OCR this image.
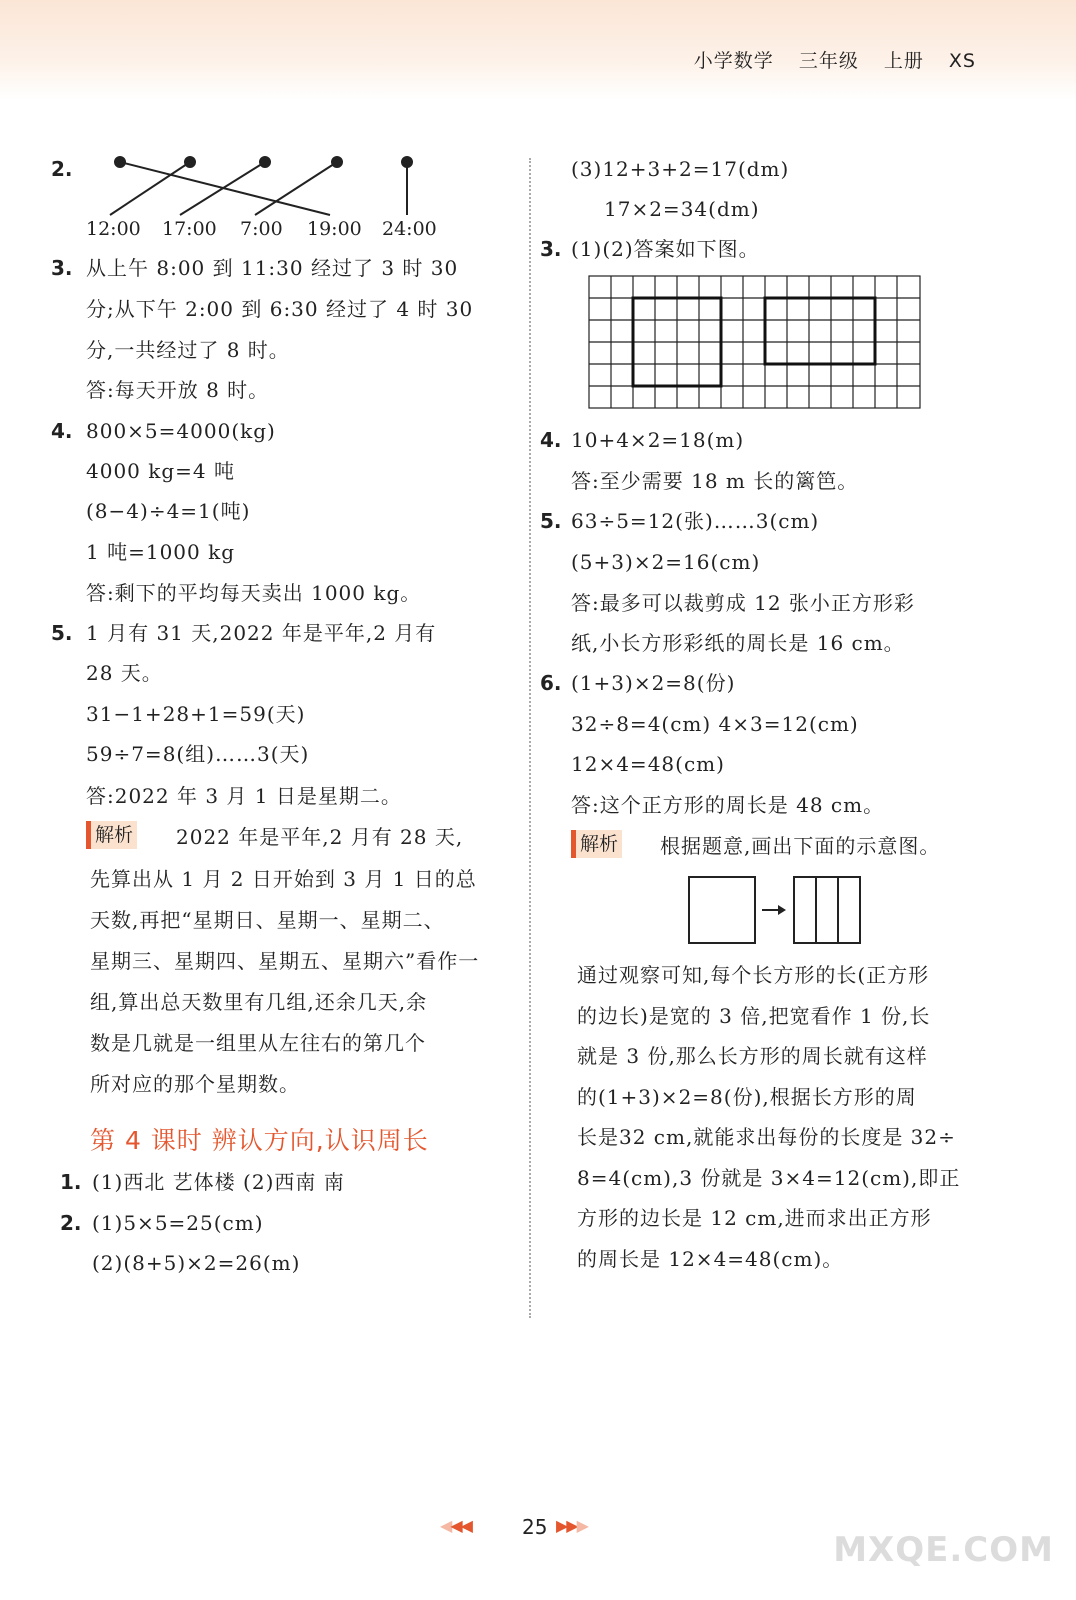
小学数学 三年级 上册 XS
2.
12:00 17:00 7:00 19:00 24:00
3. 从上午 8:00 到 11:30 经过了 3 时 30
分;从下午 2:00 到 6:30 经过了 4 时 30
分,一共经过了 8 时。
答:每天开放 8 时。
4. 800×5=4000(kg)
4000 kg=4 吨
(8−4)÷4=1(吨)
1 吨=1000 kg
答:剩下的平均每天卖出 1000 kg。
5. 1 月有 31 天,2022 年是平年,2 月有
28 天。
31−1+28+1=59(天)
59÷7=8(组)……3(天)
答:2022 年 3 月 1 日是星期二。
解析 2022 年是平年,2 月有 28 天,
先算出从 1 月 2 日开始到 3 月 1 日的总
天数,再把“星期日、星期一、星期二、
星期三、星期四、星期五、星期六”看作一
组,算出总天数里有几组,还余几天,余
数是几就是一组里从左往右的第几个
所对应的那个星期数。
第 4 课时 辨认方向,认识周长
1. (1)西北 艺体楼 (2)西南 南
2. (1)5×5=25(cm)
(2)(8+5)×2=26(m)
(3)12+3+2=17(dm)
17×2=34(dm)
3. (1)(2)答案如下图。
4. 10+4×2=18(m)
答:至少需要 18 m 长的篱笆。
5. 63÷5=12(张)……3(cm)
(5+3)×2=16(cm)
答:最多可以裁剪成 12 张小正方形彩
纸,小长方形彩纸的周长是 16 cm。
6. (1+3)×2=8(份)
32÷8=4(cm) 4×3=12(cm)
12×4=48(cm)
答:这个正方形的周长是 48 cm。
解析 根据题意,画出下面的示意图。
通过观察可知,每个长方形的长(正方形
的边长)是宽的 3 倍,把宽看作 1 份,长
就是 3 份,那么长方形的周长就有这样
的(1+3)×2=8(份),根据长方形的周
长是32 cm,就能求出每份的长度是 32÷
8=4(cm),3 份就是 3×4=12(cm),即正
方形的边长是 12 cm,进而求出正方形
的周长是 12×4=48(cm)。
◀◀◀	25 ▶▶▶
MXQE.COM
